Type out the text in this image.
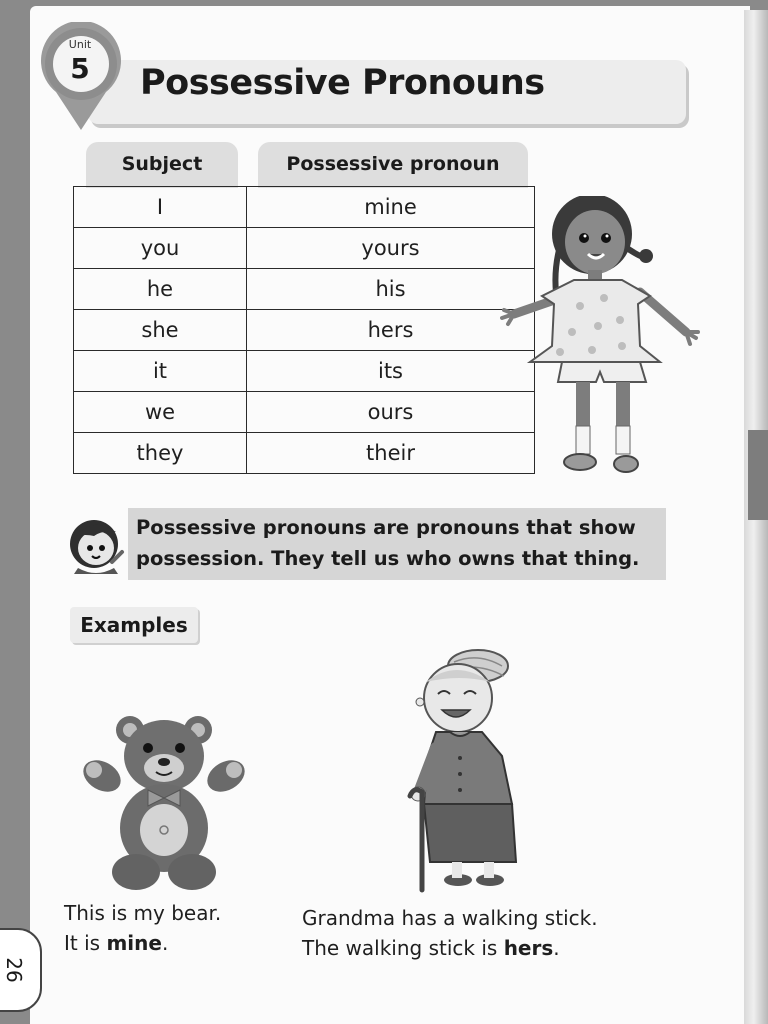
Unit
5 Possessive Pronouns
Subject	Possessive pronoun
I	mine
you	yours
he	his
she	hers
it	its
we	ours
they	their
Possessive pronouns are pronouns that show
possession. They tell us who owns that thing.
Examples
This is my bear.
It is mine.
Grandma has a walking stick.
The walking stick is hers.
26
